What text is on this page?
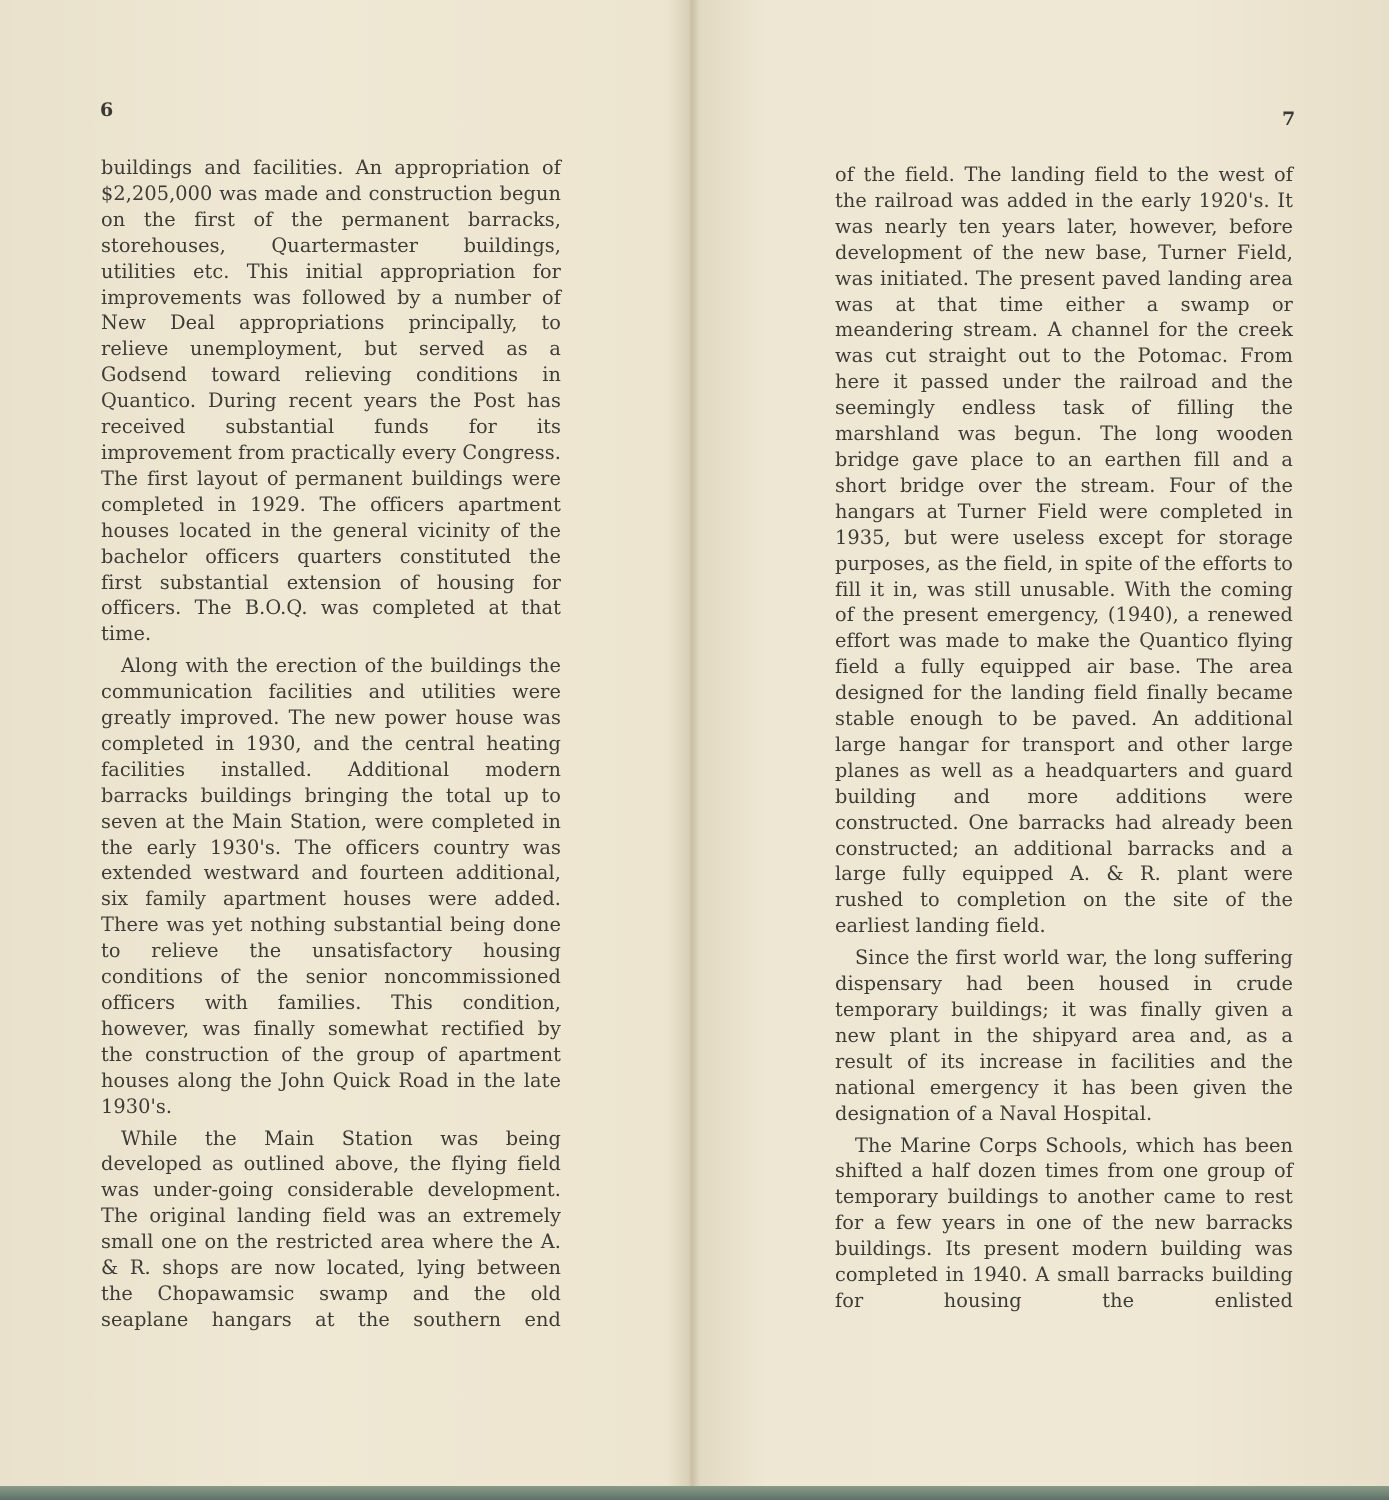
6

buildings and facilities. An appropriation of $2,205,000 was made and construction begun on the first of the permanent barracks, storehouses, Quartermaster buildings, utilities etc. This initial appropriation for improvements was followed by a number of New Deal appropriations principally, to relieve unemployment, but served as a Godsend toward relieving conditions in Quantico. During recent years the Post has received substantial funds for its improvement from practically every Congress. The first layout of permanent buildings were completed in 1929. The officers apartment houses located in the general vicinity of the bachelor officers quarters constituted the first substantial extension of housing for officers. The B.O.Q. was completed at that time.

Along with the erection of the buildings the communication facilities and utilities were greatly improved. The new power house was completed in 1930, and the central heating facilities installed. Additional modern barracks buildings bringing the total up to seven at the Main Station, were completed in the early 1930's. The officers country was extended westward and fourteen additional, six family apartment houses were added. There was yet nothing substantial being done to relieve the unsatisfactory housing conditions of the senior noncommissioned officers with families. This condition, however, was finally somewhat rectified by the construction of the group of apartment houses along the John Quick Road in the late 1930's.

While the Main Station was being developed as outlined above, the flying field was under-going considerable development. The original landing field was an extremely small one on the restricted area where the A. & R. shops are now located, lying between the Chopawamsic swamp and the old seaplane hangars at the southern end

7

of the field. The landing field to the west of the railroad was added in the early 1920's. It was nearly ten years later, however, before development of the new base, Turner Field, was initiated. The present paved landing area was at that time either a swamp or meandering stream. A channel for the creek was cut straight out to the Potomac. From here it passed under the railroad and the seemingly endless task of filling the marshland was begun. The long wooden bridge gave place to an earthen fill and a short bridge over the stream. Four of the hangars at Turner Field were completed in 1935, but were useless except for storage purposes, as the field, in spite of the efforts to fill it in, was still unusable. With the coming of the present emergency, (1940), a renewed effort was made to make the Quantico flying field a fully equipped air base. The area designed for the landing field finally became stable enough to be paved. An additional large hangar for transport and other large planes as well as a headquarters and guard building and more additions were constructed. One barracks had already been constructed; an additional barracks and a large fully equipped A. & R. plant were rushed to completion on the site of the earliest landing field.

Since the first world war, the long suffering dispensary had been housed in crude temporary buildings; it was finally given a new plant in the shipyard area and, as a result of its increase in facilities and the national emergency it has been given the designation of a Naval Hospital.

The Marine Corps Schools, which has been shifted a half dozen times from one group of temporary buildings to another came to rest for a few years in one of the new barracks buildings. Its present modern building was completed in 1940. A small barracks building for housing the enlisted
